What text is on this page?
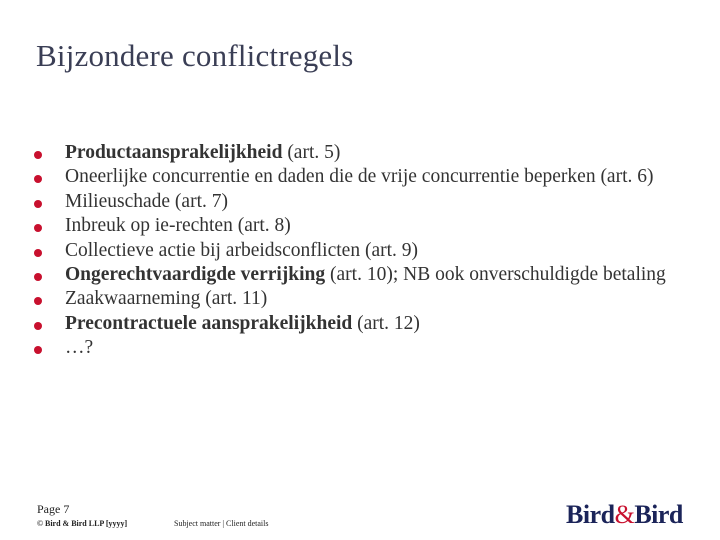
Bijzondere conflictregels
Productaansprakelijkheid (art. 5)
Oneerlijke concurrentie en daden die de vrije concurrentie beperken (art. 6)
Milieuschade (art. 7)
Inbreuk op ie-rechten (art. 8)
Collectieve actie bij arbeidsconflicten (art. 9)
Ongerechtvaardigde verrijking (art. 10); NB ook onverschuldigde betaling
Zaakwaarneming (art. 11)
Precontractuele aansprakelijkheid (art. 12)
…?
Page 7
© Bird & Bird LLP [yyyy]	Subject matter | Client details	Bird&Bird
